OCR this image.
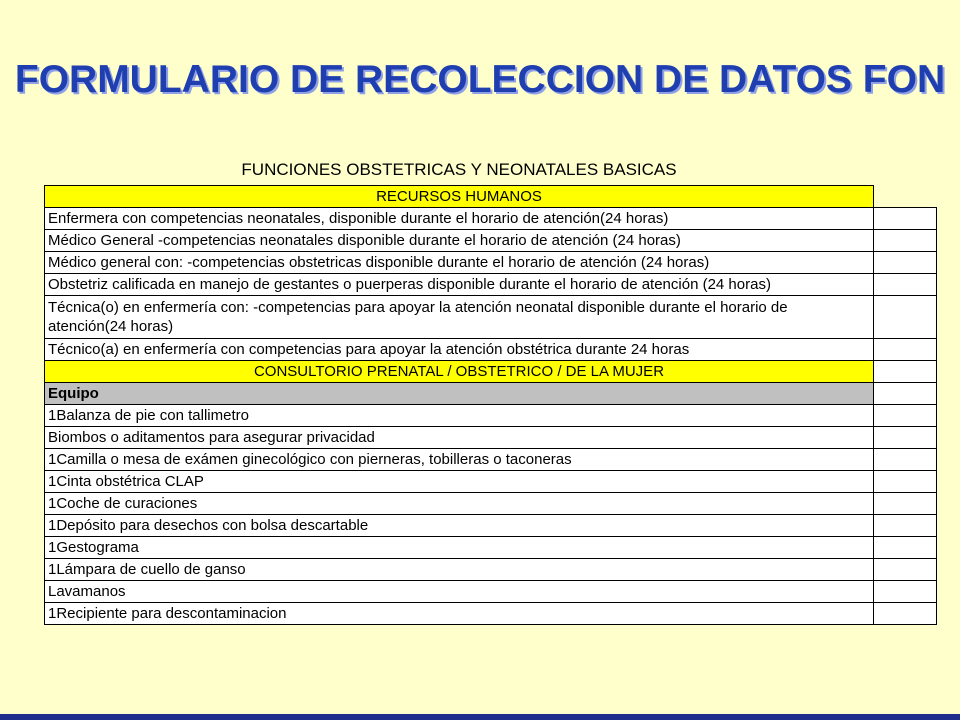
FORMULARIO DE RECOLECCION DE DATOS FON
FUNCIONES OBSTETRICAS Y NEONATALES BASICAS
RECURSOS HUMANOS	
Enfermera con competencias neonatales, disponible durante el horario de atención(24 horas)	
Médico General -competencias neonatales disponible durante el horario de atención (24 horas)	
Médico general con: -competencias obstetricas disponible durante el horario de atención (24 horas)	
Obstetriz calificada en manejo de gestantes o puerperas disponible durante el horario de atención (24 horas)	
Técnica(o) en enfermería con: -competencias para apoyar la atención neonatal disponible durante el horario de atención(24 horas)	
Técnico(a) en enfermería con competencias para apoyar la atención obstétrica durante 24 horas	
CONSULTORIO PRENATAL / OBSTETRICO / DE LA MUJER	
Equipo	
1Balanza de pie con tallimetro	
Biombos o aditamentos para asegurar privacidad	
1Camilla o mesa de exámen ginecológico con pierneras, tobilleras o taconeras	
1Cinta obstétrica CLAP	
1Coche de curaciones	
1Depósito para desechos con bolsa descartable	
1Gestograma	
1Lámpara de cuello de ganso	
Lavamanos	
1Recipiente para descontaminacion	
